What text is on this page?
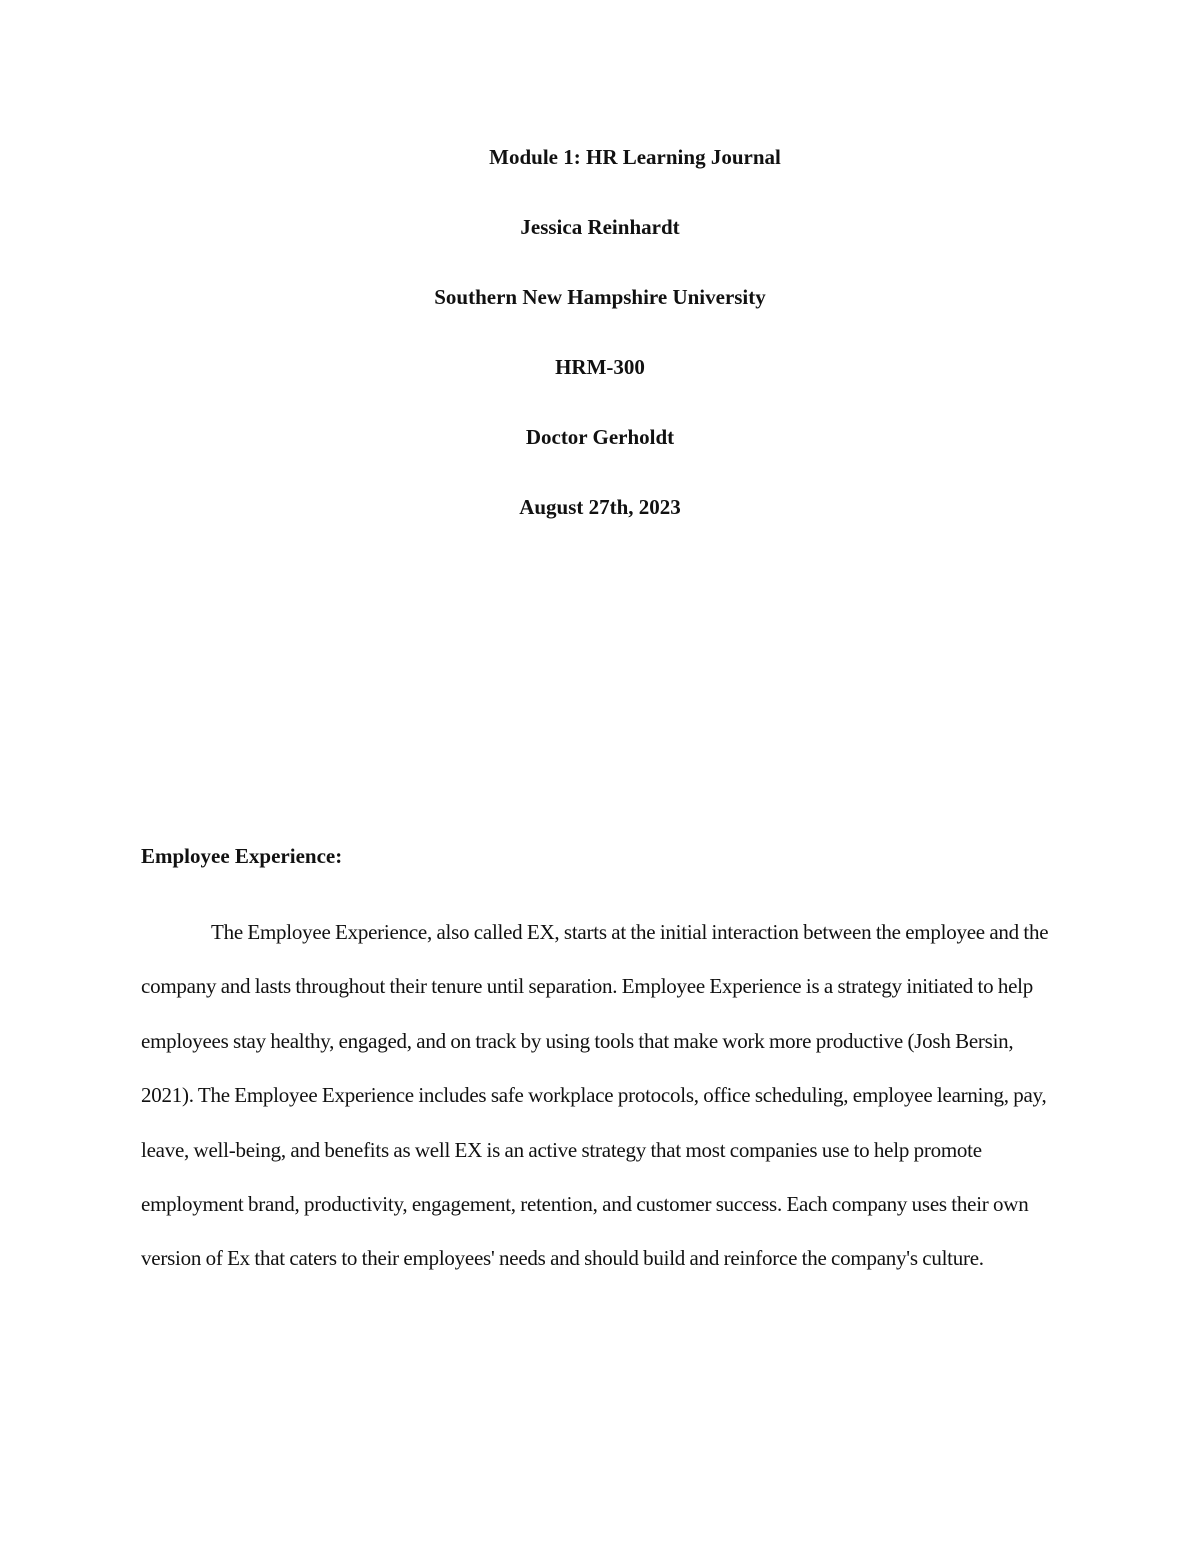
Module 1: HR Learning Journal

Jessica Reinhardt

Southern New Hampshire University

HRM-300

Doctor Gerholdt

August 27th, 2023

Employee Experience:

The Employee Experience, also called EX, starts at the initial interaction between the employee and the company and lasts throughout their tenure until separation. Employee Experience is a strategy initiated to help employees stay healthy, engaged, and on track by using tools that make work more productive (Josh Bersin, 2021). The Employee Experience includes safe workplace protocols, office scheduling, employee learning, pay, leave, well-being, and benefits as well EX is an active strategy that most companies use to help promote employment brand, productivity, engagement, retention, and customer success. Each company uses their own version of Ex that caters to their employees' needs and should build and reinforce the company's culture.
